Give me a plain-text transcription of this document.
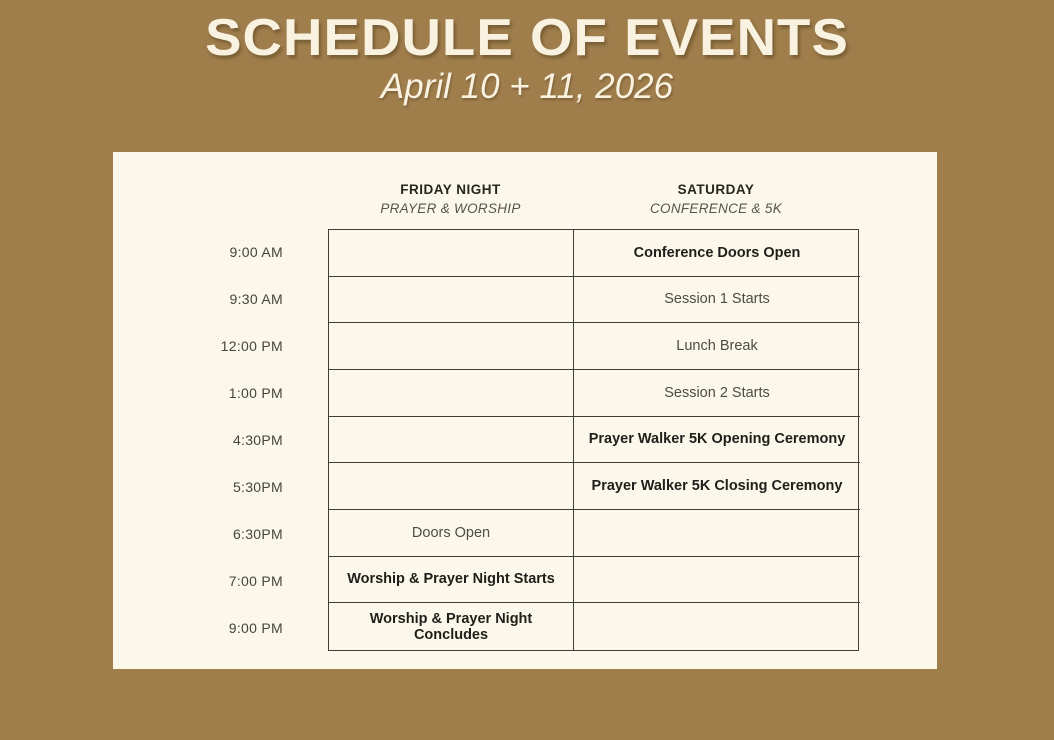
SCHEDULE OF EVENTS
April 10 + 11, 2026
FRIDAY NIGHT
PRAYER & WORSHIP
SATURDAY
CONFERENCE & 5K
9:00 AM
9:30 AM
12:00 PM
1:00 PM
4:30PM
5:30PM
6:30PM
7:00 PM
9:00 PM
Conference Doors Open
Session 1 Starts
Lunch Break
Session 2 Starts
Prayer Walker 5K Opening Ceremony
Prayer Walker 5K Closing Ceremony
Doors Open
Worship & Prayer Night Starts
Worship & Prayer Night Concludes
